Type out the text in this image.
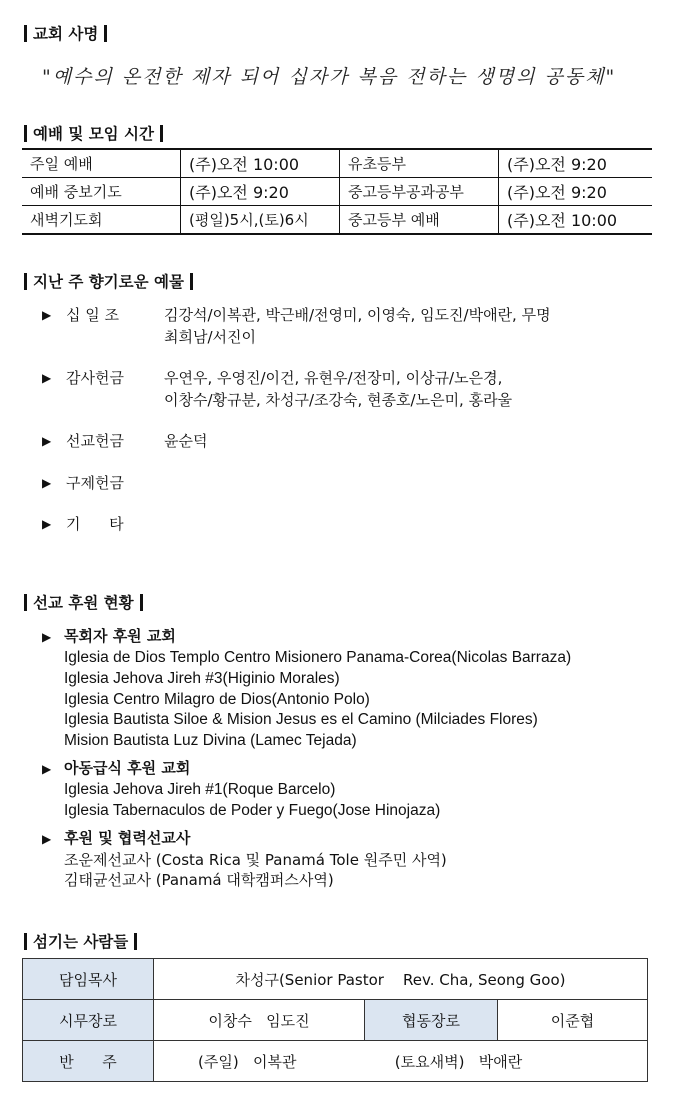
교회 사명
"예수의 온전한 제자 되어 십자가 복음 전하는 생명의 공동체"
예배 및 모임 시간
주일 예배	(주)오전 10:00	유초등부	(주)오전 9:20
예배 중보기도	(주)오전 9:20	중고등부공과공부	(주)오전 9:20
새벽기도회	(평일)5시,(토)6시	중고등부 예배	(주)오전 10:00
지난 주 향기로운 예물
▶ 십 일 조	김강석/이복관, 박근배/전영미, 이영숙, 임도진/박애란, 무명
최희남/서진이
▶ 감사헌금	우연우, 우영진/이건, 유현우/전장미, 이상규/노은경,
이창수/황규분, 차성구/조강숙, 현종호/노은미, 홍라울
▶ 선교헌금	윤순덕
▶ 구제헌금
▶ 기      타
선교 후원 현황
▶ 목회자 후원 교회
Iglesia de Dios Templo Centro Misionero Panama-Corea(Nicolas Barraza)
Iglesia Jehova Jireh #3(Higinio Morales)
Iglesia Centro Milagro de Dios(Antonio Polo)
Iglesia Bautista Siloe & Mision Jesus es el Camino (Milciades Flores)
Mision Bautista Luz Divina (Lamec Tejada)
▶ 아동급식 후원 교회
Iglesia Jehova Jireh #1(Roque Barcelo)
Iglesia Tabernaculos de Poder y Fuego(Jose Hinojaza)
▶ 후원 및 협력선교사
조운제선교사 (Costa Rica 및 Panamá Tole 원주민 사역)
김태균선교사 (Panamá 대학캠퍼스사역)
섬기는 사람들
담임목사	차성구(Senior Pastor    Rev. Cha, Seong Goo)		
시무장로	이창수   임도진	협동장로	이준협
반      주	(주일)   이복관 (토요새벽)   박애란		
